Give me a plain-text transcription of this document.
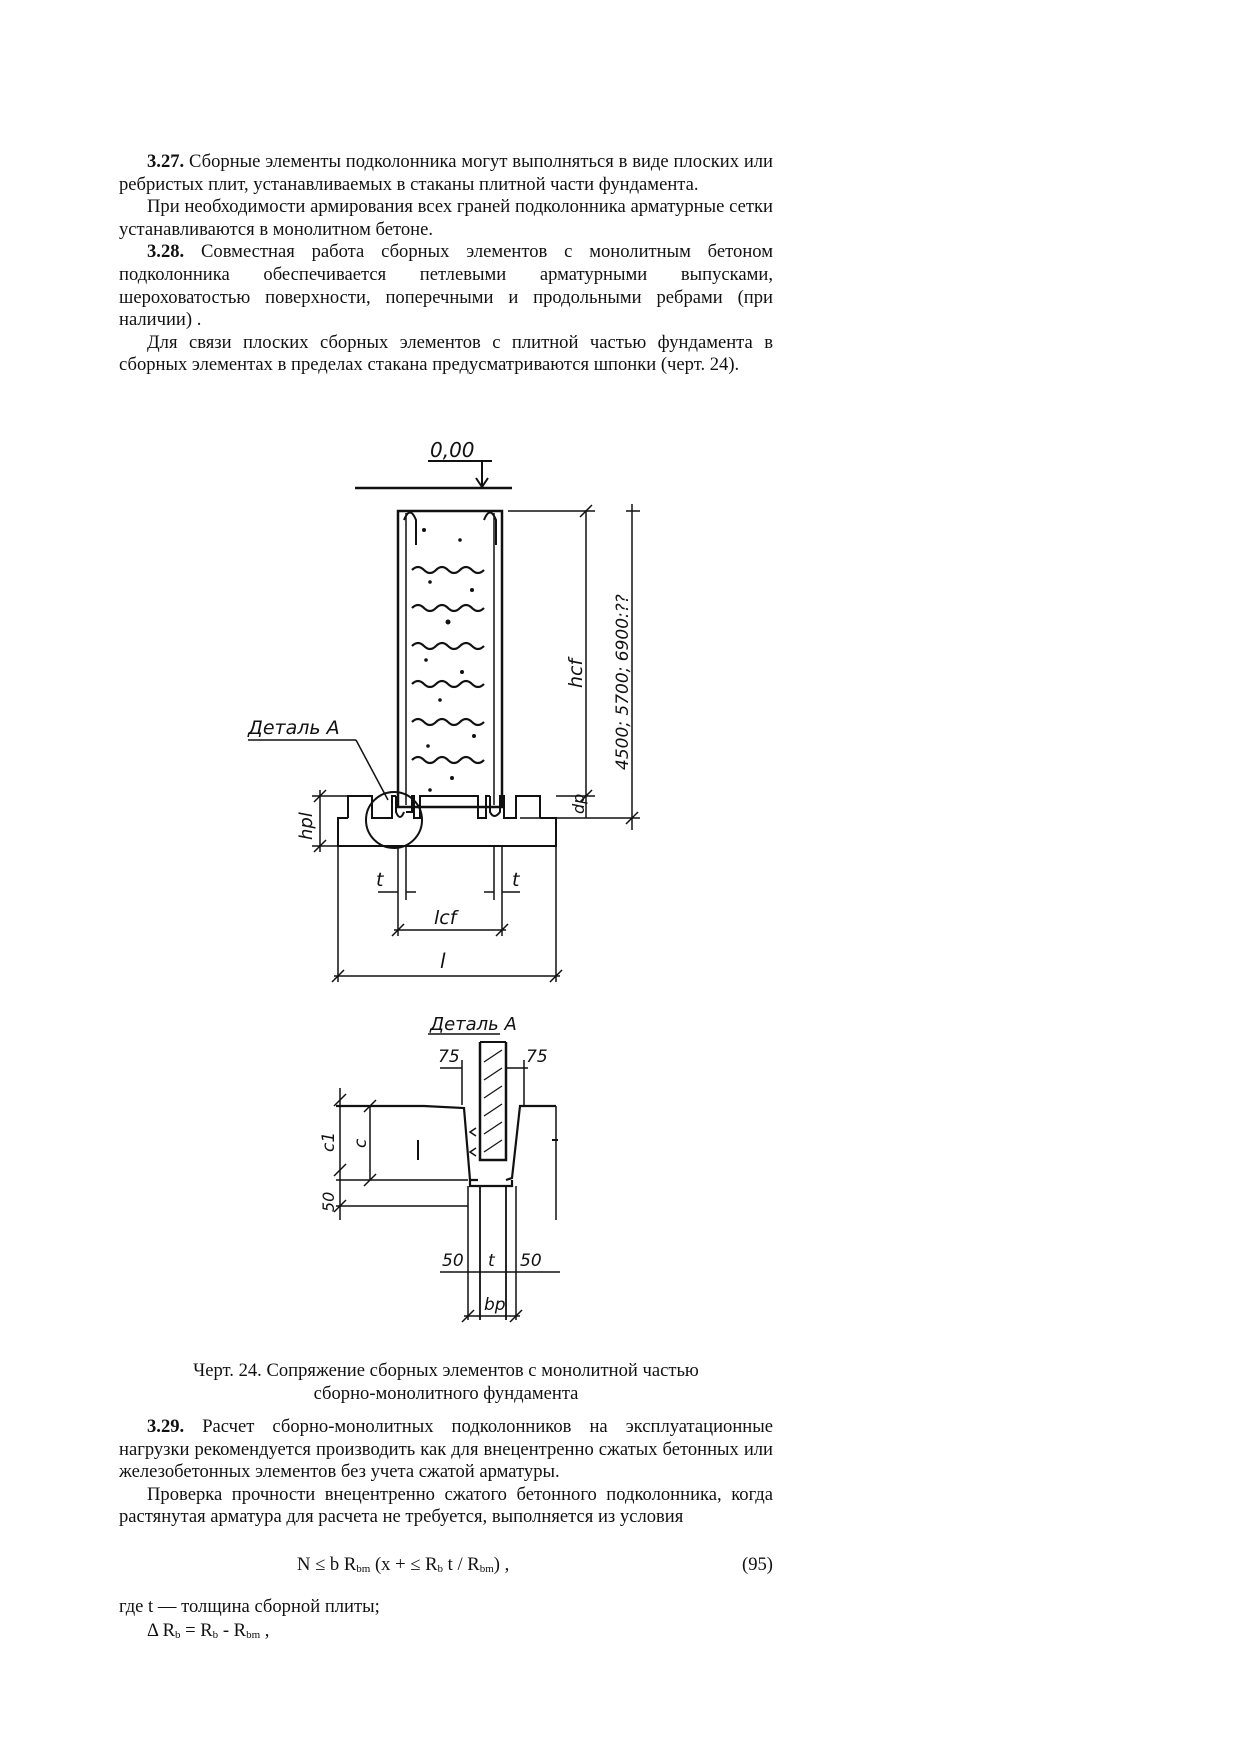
3.27. Сборные элементы подколонника могут выполняться в виде плоских или ребристых плит, устанавливаемых в стаканы плитной части фундамента.

При необходимости армирования всех граней подколонника арматурные сетки устанавливаются в монолитном бетоне.

3.28. Совместная работа сборных элементов с монолитным бетоном подколонника обеспечивается петлевыми арматурными выпусками, шероховатостью поверхности, поперечными и продольными ребрами (при наличии) .

Для связи плоских сборных элементов с плитной частью фундамента в сборных элементах в пределах стакана предусматриваются шпонки (черт. 24).

0,00
Деталь А
hcf 4500; 5700; 6900:??
hpl
dp
t	t
lcf
l
Деталь А
75	75
c1 c
50
50 t 50
bp
Черт. 24. Сопряжение сборных элементов с монолитной частью
сборно-монолитного фундамента

3.29. Расчет сборно-монолитных подколонников на эксплуатационные нагрузки рекомендуется производить как для внецентренно сжатых бетонных или железобетонных элементов без учета сжатой арматуры.

Проверка прочности внецентренно сжатого бетонного подколонника, когда растянутая арматура для расчета не требуется, выполняется из условия

N ≤ b $R_{bm}$ (x + ≤ $R_b$ t / $R_{bm}$) ,	(95)
где t — толщина сборной плиты;
Δ $R_b = R_b - R_{bm}$ ,
